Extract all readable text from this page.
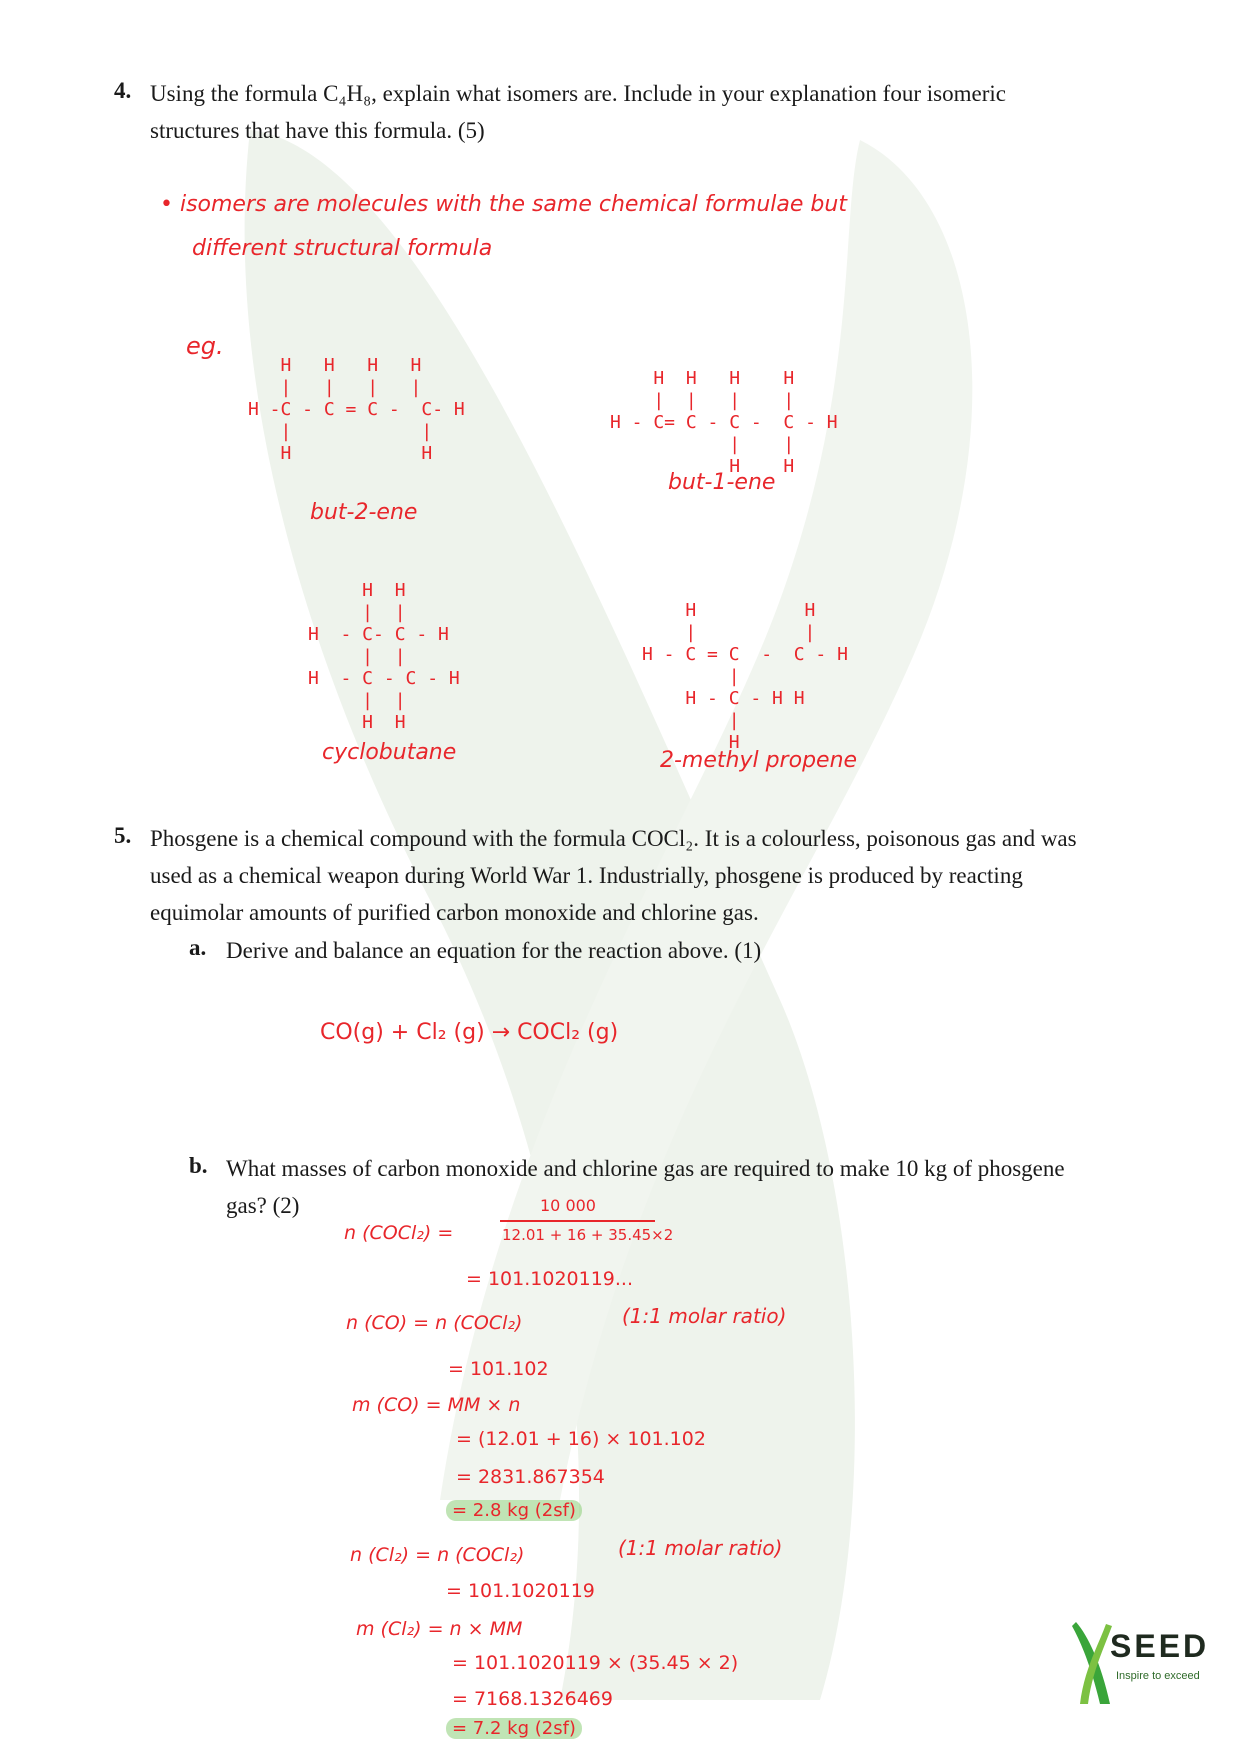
4. Using the formula C₄H₈, explain what isomers are. Include in your explanation four isomeric
structures that have this formula. (5)
• isomers are molecules with the same chemical formulae but
different structural formula
eg.
H   H   H   H
|   |   |   |
H -C - C = C -  C- H
|            |
H            H
but-2-ene
H  H   H    H
|  |   |    |
H - C= C - C -  C - H
|    |
H    H
but-1-ene
H  H
|  |
H  - C- C - H
|  |
H  - C - C - H
|  |
H  H
cyclobutane
H          H
|          |
H - C = C  -  C - H
|
H - C - H H
|
H
2-methyl propene
5. Phosgene is a chemical compound with the formula COCl₂. It is a colourless, poisonous gas and was
used as a chemical weapon during World War 1. Industrially, phosgene is produced by reacting
equimolar amounts of purified carbon monoxide and chlorine gas.
a. Derive and balance an equation for the reaction above. (1)
CO(g) + Cl₂ (g) → COCl₂ (g)
b. What masses of carbon monoxide and chlorine gas are required to make 10 kg of phosgene
gas? (2)
n (COCl₂) =
10 000
12.01 + 16 + 35.45×2
= 101.1020119...
n (CO) = n (COCl₂)	(1:1 molar ratio)
= 101.102
m (CO) = MM × n
= (12.01 + 16) × 101.102
= 2831.867354
= 2.8 kg (2sf)
n (Cl₂) = n (COCl₂)	(1:1 molar ratio)
= 101.1020119
m (Cl₂) = n × MM
= 101.1020119 × (35.45 × 2)
= 7168.1326469
= 7.2 kg (2sf)
SEED
Inspire to exceed
